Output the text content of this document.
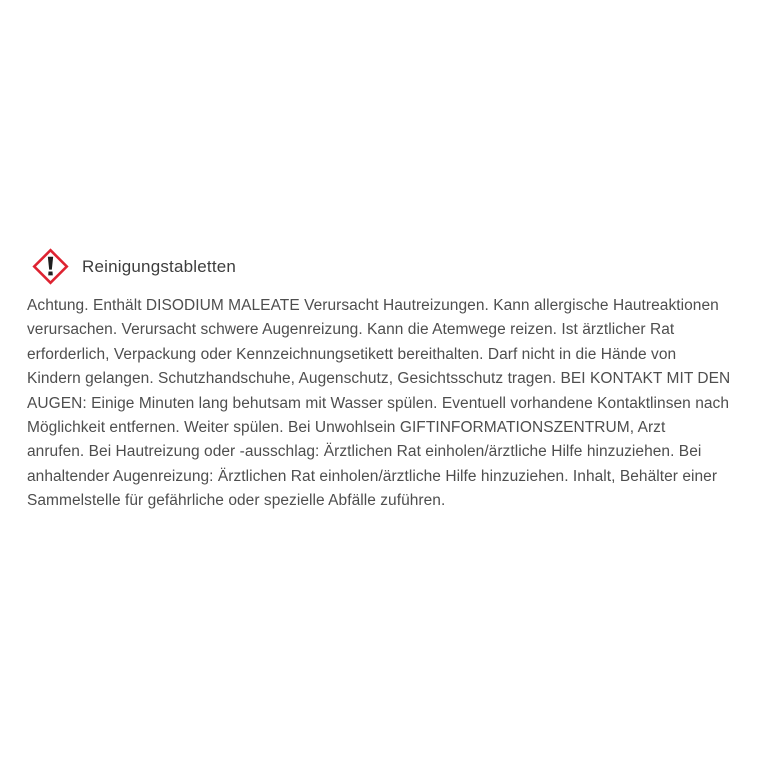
Reinigungstabletten
Achtung. Enthält DISODIUM MALEATE Verursacht Hautreizungen. Kann allergische Hautreaktionen
verursachen. Verursacht schwere Augenreizung. Kann die Atemwege reizen. Ist ärztlicher Rat
erforderlich, Verpackung oder Kennzeichnungsetikett bereithalten. Darf nicht in die Hände von
Kindern gelangen. Schutzhandschuhe, Augenschutz, Gesichtsschutz tragen. BEI KONTAKT MIT DEN
AUGEN: Einige Minuten lang behutsam mit Wasser spülen. Eventuell vorhandene Kontaktlinsen nach
Möglichkeit entfernen. Weiter spülen. Bei Unwohlsein GIFTINFORMATIONSZENTRUM, Arzt
anrufen. Bei Hautreizung oder -ausschlag: Ärztlichen Rat einholen/ärztliche Hilfe hinzuziehen. Bei
anhaltender Augenreizung: Ärztlichen Rat einholen/ärztliche Hilfe hinzuziehen. Inhalt, Behälter einer
Sammelstelle für gefährliche oder spezielle Abfälle zuführen.
